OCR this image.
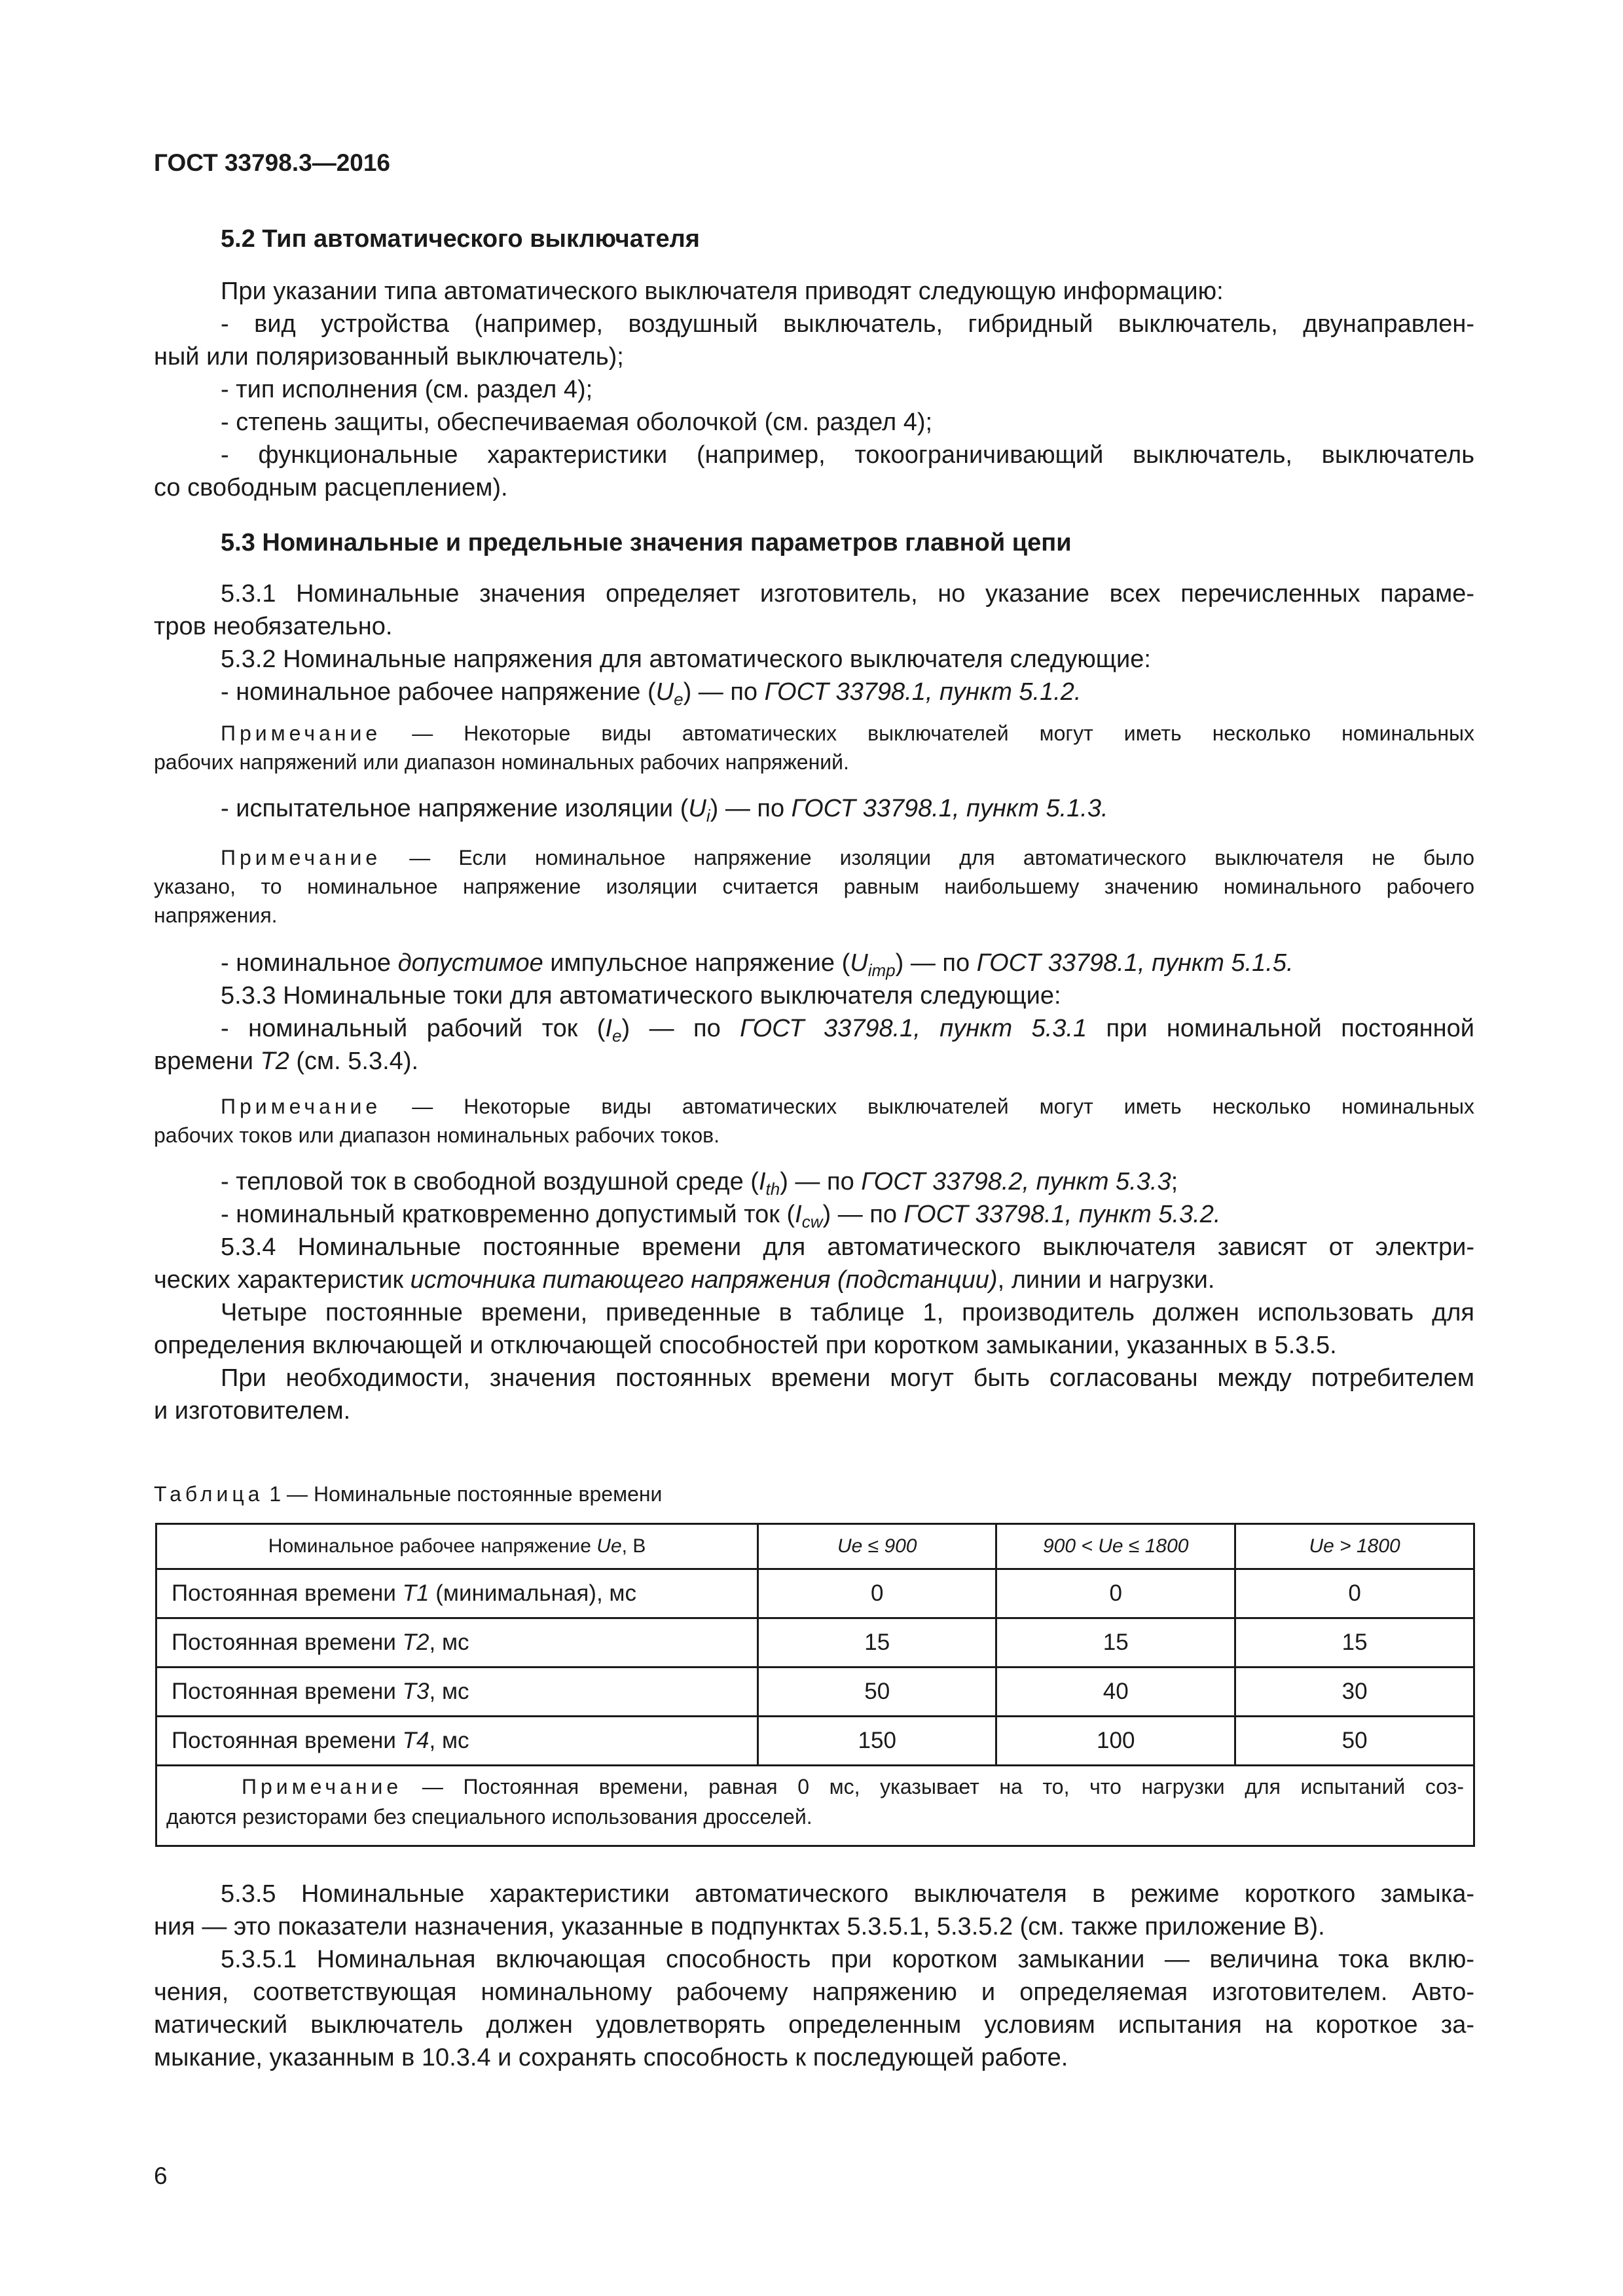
ГОСТ 33798.3—2016
5.2 Тип автоматического выключателя
При указании типа автоматического выключателя приводят следующую информацию:
- вид устройства (например, воздушный выключатель, гибридный выключатель, двунаправлен-
ный или поляризованный выключатель);
- тип исполнения (см. раздел 4);
- степень защиты, обеспечиваемая оболочкой (см. раздел 4);
- функциональные характеристики (например, токоограничивающий выключатель, выключатель
со свободным расцеплением).
5.3 Номинальные и предельные значения параметров главной цепи
5.3.1 Номинальные значения определяет изготовитель, но указание всех перечисленных параме-
тров необязательно.
5.3.2 Номинальные напряжения для автоматического выключателя следующие:
- номинальное рабочее напряжение $(U_e)$ — по ГОСТ 33798.1, пункт 5.1.2.
Примечание — Некоторые виды автоматических выключателей могут иметь несколько номинальных
рабочих напряжений или диапазон номинальных рабочих напряжений.
- испытательное напряжение изоляции $(U_i)$ — по ГОСТ 33798.1, пункт 5.1.3.
Примечание — Если номинальное напряжение изоляции для автоматического выключателя не было
указано, то номинальное напряжение изоляции считается равным наибольшему значению номинального рабочего
напряжения.
- номинальное допустимое импульсное напряжение $(U_{imp})$ — по ГОСТ 33798.1, пункт 5.1.5.
5.3.3 Номинальные токи для автоматического выключателя следующие:
- номинальный рабочий ток $(I_e)$ — по ГОСТ 33798.1, пункт 5.3.1 при номинальной постоянной
времени T2 (см. 5.3.4).
Примечание — Некоторые виды автоматических выключателей могут иметь несколько номинальных
рабочих токов или диапазон номинальных рабочих токов.
- тепловой ток в свободной воздушной среде $(I_{th})$ — по ГОСТ 33798.2, пункт 5.3.3;
- номинальный кратковременно допустимый ток $(I_{cw})$ — по ГОСТ 33798.1, пункт 5.3.2.
5.3.4 Номинальные постоянные времени для автоматического выключателя зависят от электри-
ческих характеристик источника питающего напряжения (подстанции), линии и нагрузки.
Четыре постоянные времени, приведенные в таблице 1, производитель должен использовать для
определения включающей и отключающей способностей при коротком замыкании, указанных в 5.3.5.
При необходимости, значения постоянных времени могут быть согласованы между потребителем
и изготовителем.
Таблица 1 — Номинальные постоянные времени
Номинальное рабочее напряжение Ue, В	Ue ≤ 900	900 < Ue ≤ 1800	Ue > 1800
Постоянная времени T1 (минимальная), мс	0	0	0
Постоянная времени T2, мс	15	15	15
Постоянная времени T3, мс	50	40	30
Постоянная времени T4, мс	150	100	50

Примечание — Постоянная времени, равная 0 мс, указывает на то, что нагрузки для испытаний соз-
даются резисторами без специального использования дросселей.			
5.3.5 Номинальные характеристики автоматического выключателя в режиме короткого замыка-
ния — это показатели назначения, указанные в подпунктах 5.3.5.1, 5.3.5.2 (см. также приложение В).
5.3.5.1 Номинальная включающая способность при коротком замыкании — величина тока вклю-
чения, соответствующая номинальному рабочему напряжению и определяемая изготовителем. Авто-
матический выключатель должен удовлетворять определенным условиям испытания на короткое за-
мыкание, указанным в 10.3.4 и сохранять способность к последующей работе.
6
